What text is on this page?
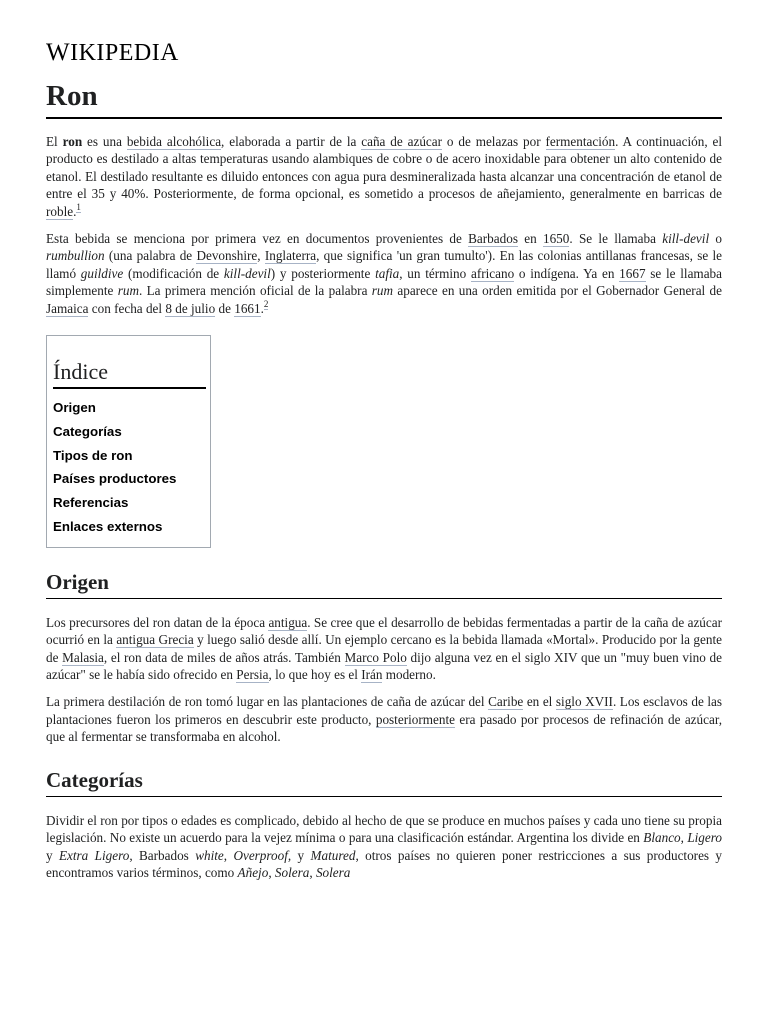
WIKIPEDIA
Ron

El ron es una bebida alcohólica, elaborada a partir de la caña de azúcar o de melazas por fermentación. A continuación, el producto es destilado a altas temperaturas usando alambiques de cobre o de acero inoxidable para obtener un alto contenido de etanol. El destilado resultante es diluido entonces con agua pura desmineralizada hasta alcanzar una concentración de etanol de entre el 35 y 40%. Posteriormente, de forma opcional, es sometido a procesos de añejamiento, generalmente en barricas de roble.$^1$

Esta bebida se menciona por primera vez en documentos provenientes de Barbados en 1650. Se le llamaba kill-devil o rumbullion (una palabra de Devonshire, Inglaterra, que significa 'un gran tumulto'). En las colonias antillanas francesas, se le llamó guildive (modificación de kill-devil) y posteriormente tafia, un término africano o indígena. Ya en 1667 se le llamaba simplemente rum. La primera mención oficial de la palabra rum aparece en una orden emitida por el Gobernador General de Jamaica con fecha del 8 de julio de 1661.$^2$

Índice
Origen
Categorías
Tipos de ron
Países productores
Referencias
Enlaces externos
Origen

Los precursores del ron datan de la época antigua. Se cree que el desarrollo de bebidas fermentadas a partir de la caña de azúcar ocurrió en la antigua Grecia y luego salió desde allí. Un ejemplo cercano es la bebida llamada «Mortal». Producido por la gente de Malasia, el ron data de miles de años atrás. También Marco Polo dijo alguna vez en el siglo XIV que un "muy buen vino de azúcar" se le había sido ofrecido en Persia, lo que hoy es el Irán moderno.

La primera destilación de ron tomó lugar en las plantaciones de caña de azúcar del Caribe en el siglo XVII. Los esclavos de las plantaciones fueron los primeros en descubrir este producto, posteriormente era pasado por procesos de refinación de azúcar, que al fermentar se transformaba en alcohol.

Categorías

Dividir el ron por tipos o edades es complicado, debido al hecho de que se produce en muchos países y cada uno tiene su propia legislación. No existe un acuerdo para la vejez mínima o para una clasificación estándar. Argentina los divide en Blanco, Ligero y Extra Ligero, Barbados white, Overproof, y Matured, otros países no quieren poner restricciones a sus productores y encontramos varios términos, como Añejo, Solera, Solera
